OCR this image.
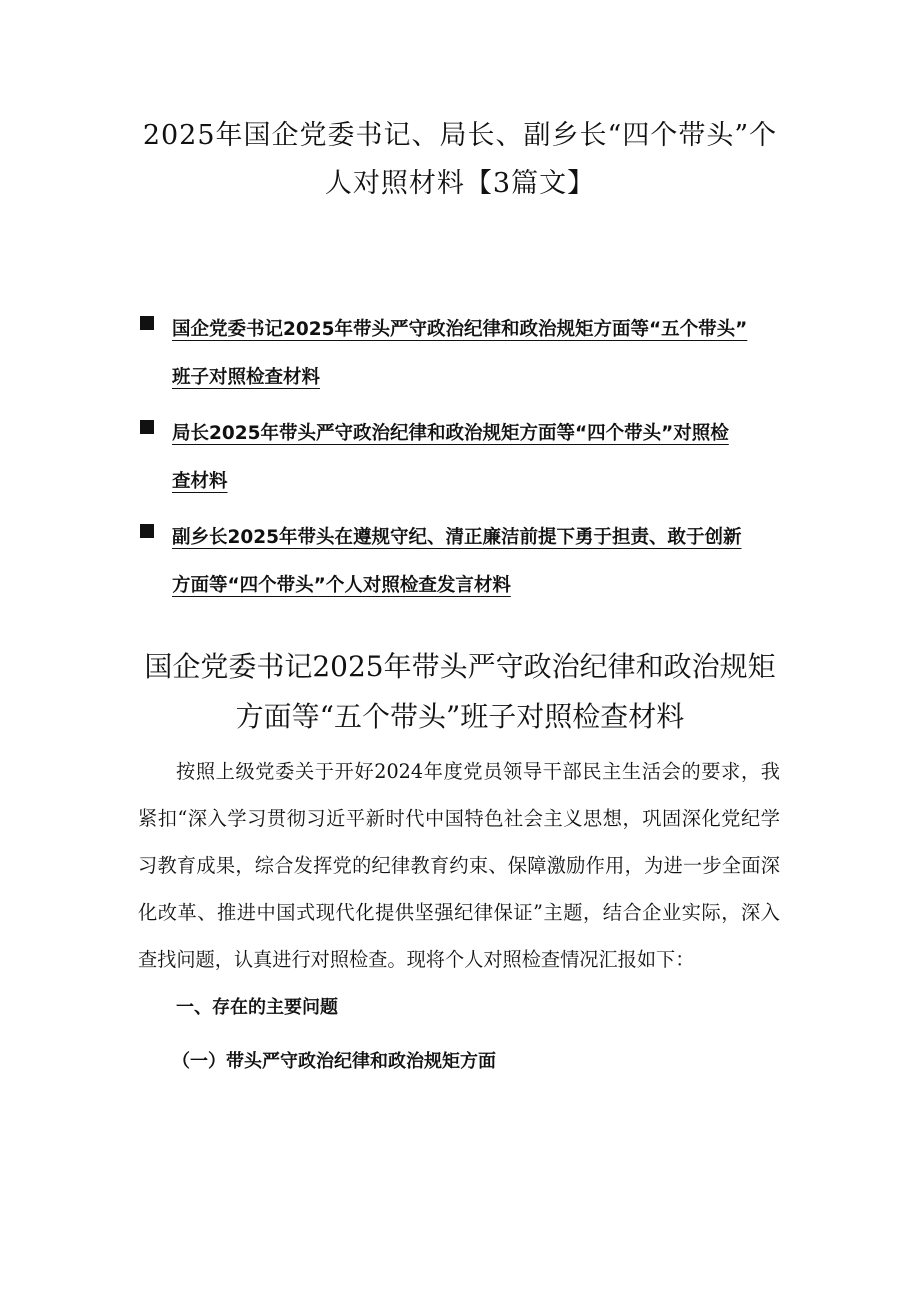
2025年国企党委书记、局长、副乡长“四个带头”个
人对照材料【3篇文】
国企党委书记2025年带头严守政治纪律和政治规矩方面等“五个带头”
班子对照检查材料
局长2025年带头严守政治纪律和政治规矩方面等“四个带头”对照检
查材料
副乡长2025年带头在遵规守纪、清正廉洁前提下勇于担责、敢于创新
方面等“四个带头”个人对照检查发言材料
国企党委书记2025年带头严守政治纪律和政治规矩
方面等“五个带头”班子对照检查材料

按照上级党委关于开好2024年度党员领导干部民主生活会的要求，我紧扣“深入学习贯彻习近平新时代中国特色社会主义思想，巩固深化党纪学习教育成果，综合发挥党的纪律教育约束、保障激励作用，为进一步全面深化改革、推进中国式现代化提供坚强纪律保证”主题，结合企业实际，深入查找问题，认真进行对照检查。现将个人对照检查情况汇报如下：

一、存在的主要问题
（一）带头严守政治纪律和政治规矩方面
